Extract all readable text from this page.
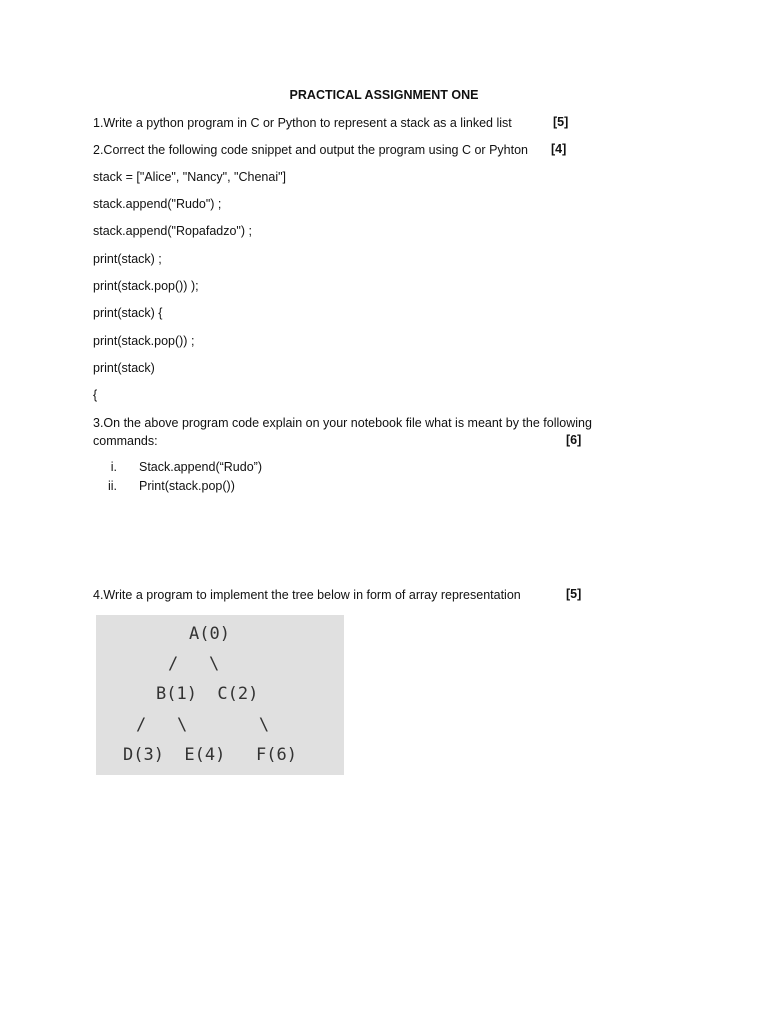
PRACTICAL ASSIGNMENT ONE
1.Write a python program in C or Python to represent a stack as a linked list	[5]
2.Correct the following code snippet and output the program using C or Pyhton [4]
stack = ["Alice", "Nancy", "Chenai"]
stack.append("Rudo") ;
stack.append("Ropafadzo") ;
print(stack) ;
print(stack.pop()) );
print(stack) {
print(stack.pop()) ;
print(stack)
{
3.On the above program code explain on your notebook file what is meant by the following
commands:	[6]
i. Stack.append(“Rudo”)
ii. Print(stack.pop())
4.Write a program to implement the tree below in form of array representation	[5]
A(0)
/   \
B(1)  C(2)
/   \       \
D(3)  E(4)   F(6)
